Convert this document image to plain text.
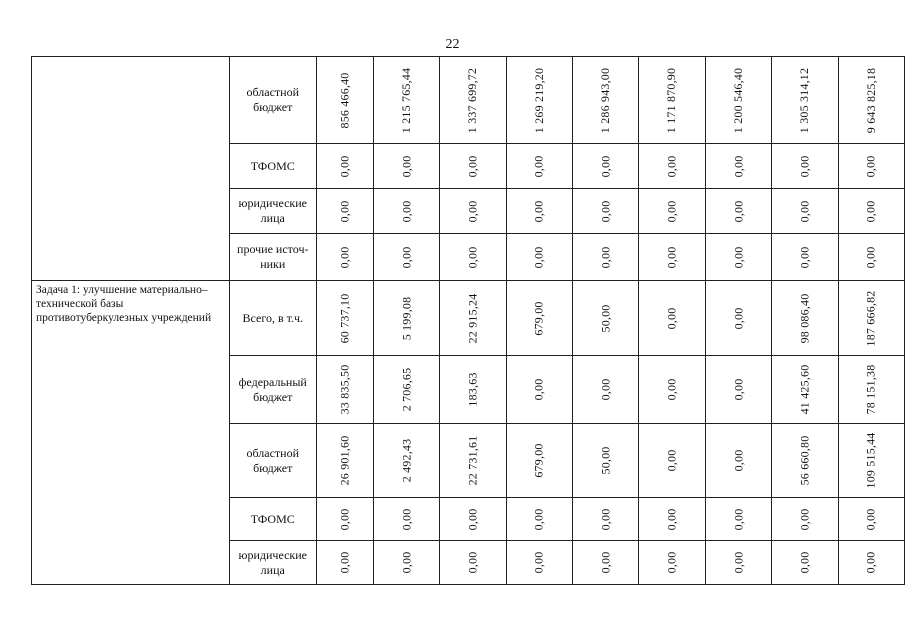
22
	областной бюджет	856 466,40	1 215 765,44	1 337 699,72	1 269 219,20	1 286 943,00	1 171 870,90	1 200 546,40	1 305 314,12	9 643 825,18
	ТФОМС	0,00	0,00	0,00	0,00	0,00	0,00	0,00	0,00	0,00
	юридические лица	0,00	0,00	0,00	0,00	0,00	0,00	0,00	0,00	0,00
	прочие источ-ники	0,00	0,00	0,00	0,00	0,00	0,00	0,00	0,00	0,00
Задача 1: улучшение материально–технической базы противотуберкулезных учреждений	Всего, в т.ч.	60 737,10	5 199,08	22 915,24	679,00	50,00	0,00	0,00	98 086,40	187 666,82
	федеральный бюджет	33 835,50	2 706,65	183,63	0,00	0,00	0,00	0,00	41 425,60	78 151,38
	областной бюджет	26 901,60	2 492,43	22 731,61	679,00	50,00	0,00	0,00	56 660,80	109 515,44
	ТФОМС	0,00	0,00	0,00	0,00	0,00	0,00	0,00	0,00	0,00
	юридические лица	0,00	0,00	0,00	0,00	0,00	0,00	0,00	0,00	0,00
